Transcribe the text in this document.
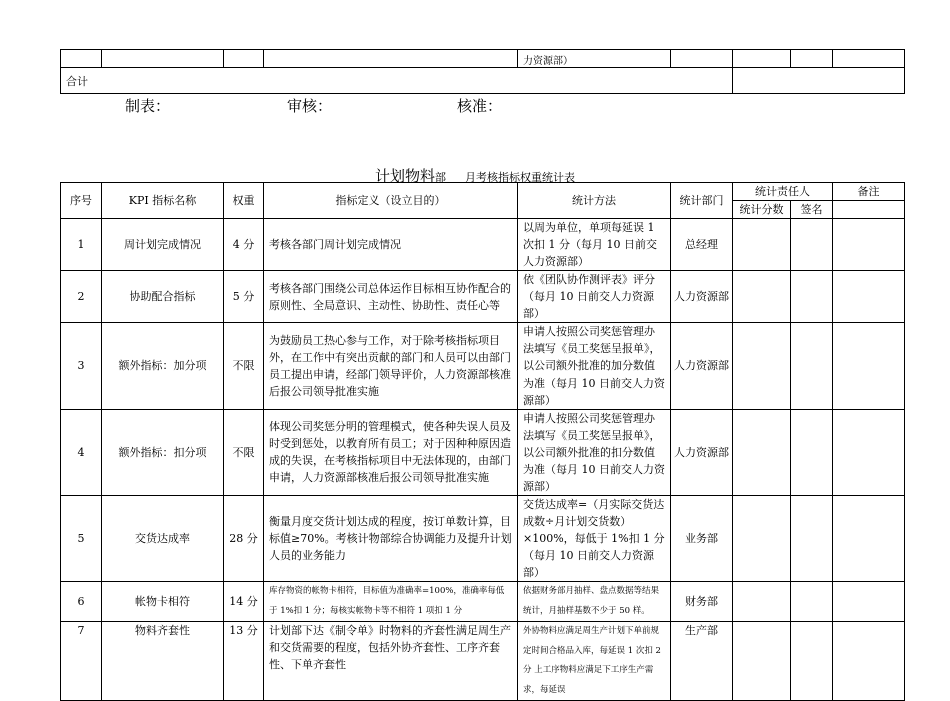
				力资源部）				
合计								
制表：	审核：	核准：
计划物料部 月考核指标权重统计表
序号	KPI 指标名称	权重	指标定义（设立目的）	统计方法	统计部门	统计责任人		备注
						统计分数	签名	
1	周计划完成情况	4 分	考核各部门周计划完成情况	以周为单位，单项每延误 1 次扣 1 分（每月 10 日前交人力资源部）	总经理			
2	协助配合指标	5 分	考核各部门围绕公司总体运作目标相互协作配合的原则性、全局意识、主动性、协助性、责任心等	依《团队协作测评表》评分（每月 10 日前交人力资源部）	人力资源部			
3	额外指标：加分项	不限	为鼓励员工热心参与工作，对于除考核指标项目外，在工作中有突出贡献的部门和人员可以由部门员工提出申请，经部门领导评价，人力资源部核准后报公司领导批准实施	申请人按照公司奖惩管理办法填写《员工奖惩呈报单》，以公司额外批准的加分数值为准（每月 10 日前交人力资源部）	人力资源部			
4	额外指标：扣分项	不限	体现公司奖惩分明的管理模式，使各种失误人员及时受到惩处，以教育所有员工；对于因种种原因造成的失误，在考核指标项目中无法体现的，由部门申请，人力资源部核准后报公司领导批准实施	申请人按照公司奖惩管理办法填写《员工奖惩呈报单》，以公司额外批准的扣分数值为准（每月 10 日前交人力资源部）	人力资源部			
5	交货达成率	28 分	衡量月度交货计划达成的程度，按订单数计算，目标值≥70%。考核计物部综合协调能力及提升计划人员的业务能力	交货达成率=（月实际交货达成数÷月计划交货数）×100%，每低于 1%扣 1 分（每月 10 日前交人力资源部）	业务部			
6	帐物卡相符	14 分	库存物资的帐物卡相符，目标值为准确率=100%，准确率每低于 1%扣 1 分；每核实帐物卡等不相符 1 项扣 1 分	依据财务部月抽样、盘点数据等结果统计，月抽样基数不少于 50 样。	财务部			
7	物料齐套性	13 分	计划部下达《制令单》时物料的齐套性满足周生产和交货需要的程度，包括外协齐套性、工序齐套性、下单齐套性	外协物料应满足周生产计划下单前规定时间合格品入库，每延误 1 次扣 2 分 上工序物料应满足下工序生产需求，每延误	生产部			
